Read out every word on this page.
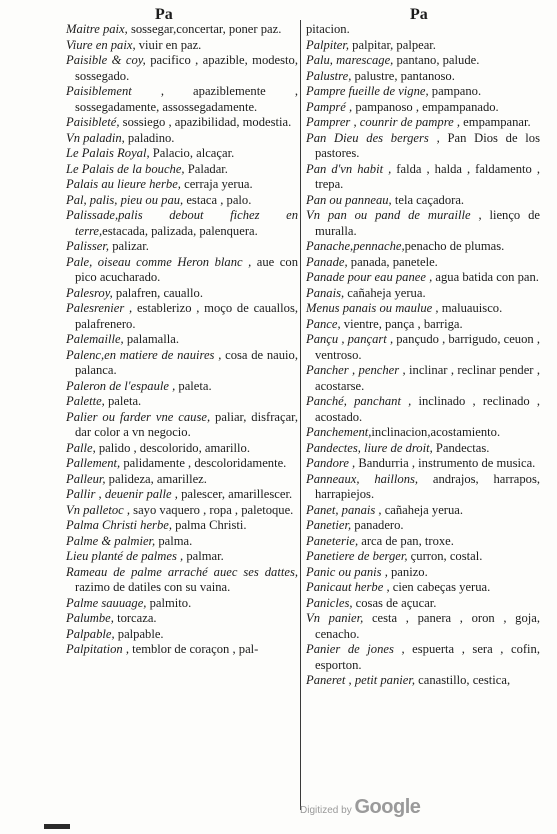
Pa	Pa
Maitre paix, sossegar,concertar, poner paz.
Viure en paix, viuir en paz.
Paisible & coy, pacifico , apazible, modesto, sossegado.
Paisiblement , apaziblemente , sossegadamente, assossegadamente.
Paisibleté, sossiego , apazibilidad, modestia.
Vn paladin, paladino.
Le Palais Royal, Palacio, alcaçar.
Le Palais de la bouche, Paladar.
Palais au lieure herbe, cerraja yerua.
Pal, palis, pieu ou pau, estaca , palo.
Palissade,palis debout fichez en terre,estacada, palizada, palenquera.
Palisser, palizar.
Pale, oiseau comme Heron blanc , aue con pico acucharado.
Palesroy, palafren, cauallo.
Palesrenier , establerizo , moço de cauallos, palafrenero.
Palemaille, palamalla.
Palenc,en matiere de nauires , cosa de nauio, palanca.
Paleron de l'espaule , paleta.
Palette, paleta.
Palier ou farder vne cause, paliar, disfraçar, dar color a vn negocio.
Palle, palido , descolorido, amarillo.
Pallement, palidamente , descoloridamente.
Palleur, palideza, amarillez.
Pallir , deuenir palle , palescer, amarillescer.
Vn palletoc , sayo vaquero , ropa , paletoque.
Palma Christi herbe, palma Christi.
Palme & palmier, palma.
Lieu planté de palmes , palmar.
Rameau de palme arraché auec ses dattes, razimo de datiles con su vaina.
Palme sauuage, palmito.
Palumbe, torcaza.
Palpable, palpable.
Palpitation , temblor de coraçon , pal-
pitacion.
Palpiter, palpitar, palpear.
Palu, marescage, pantano, palude.
Palustre, palustre, pantanoso.
Pampre fueille de vigne, pampano.
Pampré , pampanoso , empampanado.
Pamprer , counrir de pampre , empampanar.
Pan Dieu des bergers , Pan Dios de los pastores.
Pan d'vn habit , falda , halda , faldamento , trepa.
Pan ou panneau, tela caçadora.
Vn pan ou pand de muraille , lienço de muralla.
Panache,pennache,penacho de plumas.
Panade, panada, panetele.
Panade pour eau panee , agua batida con pan.
Panais, cañaheja yerua.
Menus panais ou maulue , maluauisco.
Pance, vientre, pança , barriga.
Pançu , pançart , pançudo , barrigudo, ceuon , ventroso.
Pancher , pencher , inclinar , reclinar pender , acostarse.
Panché, panchant , inclinado , reclinado , acostado.
Panchement,inclinacion,acostamiento.
Pandectes, liure de droit, Pandectas.
Pandore , Bandurria , instrumento de musica.
Panneaux, haillons, andrajos, harrapos, harrapiejos.
Panet, panais , cañaheja yerua.
Panetier, panadero.
Paneterie, arca de pan, troxe.
Panetiere de berger, çurron, costal.
Panic ou panis , panizo.
Panicaut herbe , cien cabeças yerua.
Panicles, cosas de açucar.
Vn panier, cesta , panera , oron , goja, cenacho.
Panier de jones , espuerta , sera , cofin, esporton.
Paneret , petit panier, canastillo, cestica,
Digitized by Google
